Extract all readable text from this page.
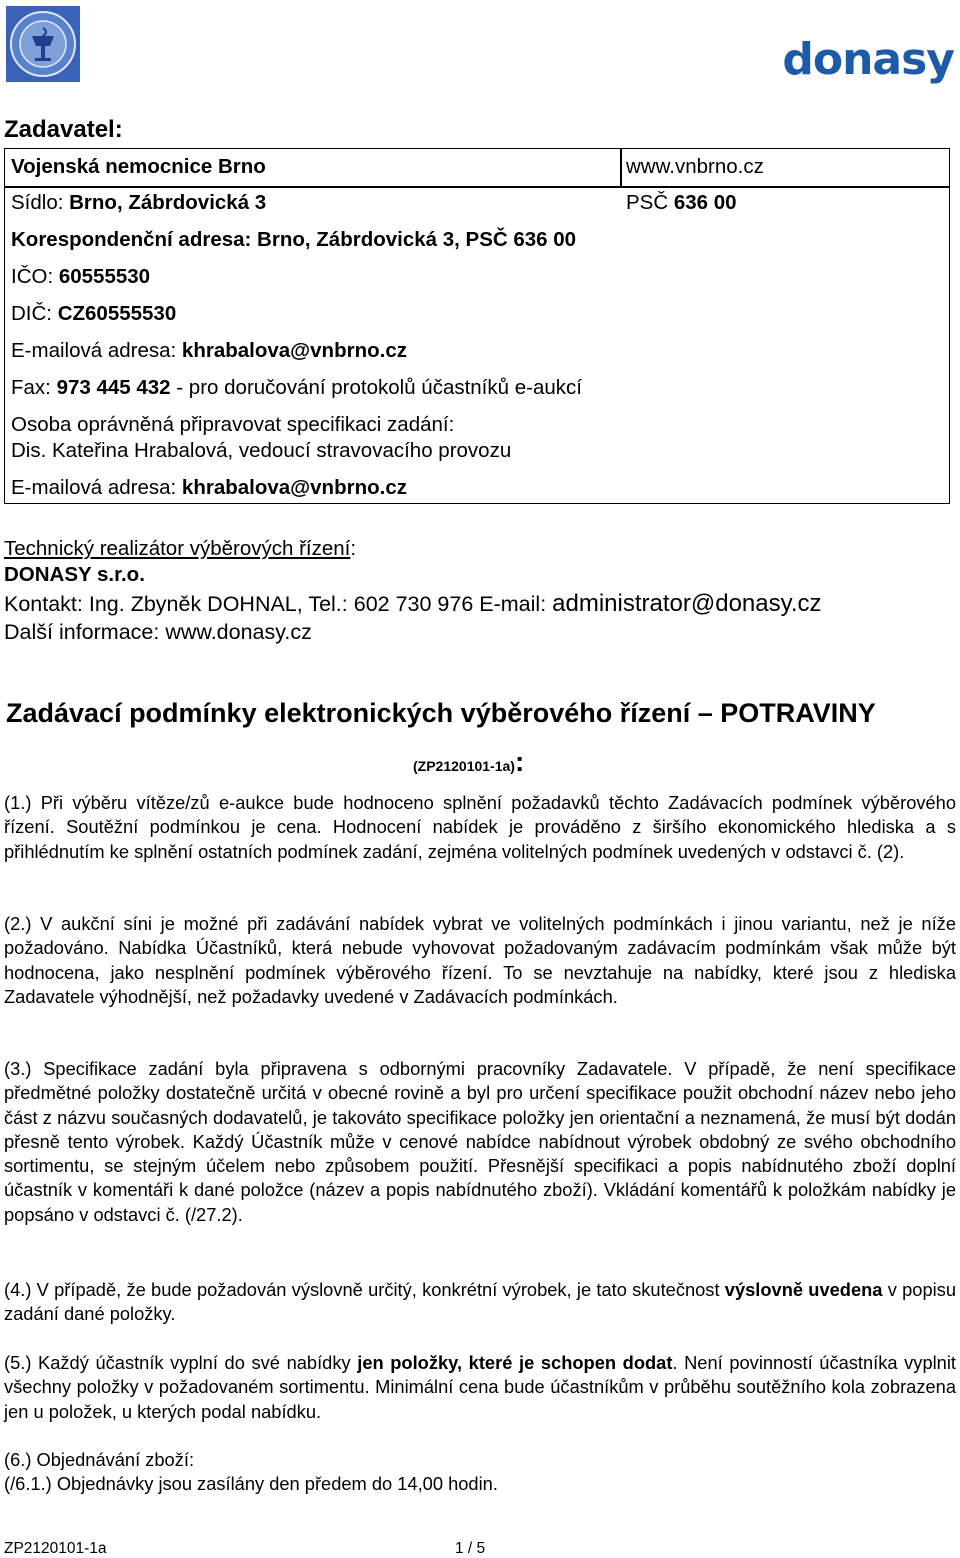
donasy
Zadavatel:
Vojenská nemocnice Brno	www.vnbrno.cz
Sídlo: Brno, Zábrdovická 3	PSČ 636 00
Korespondenční adresa: Brno, Zábrdovická 3, PSČ 636 00
IČO: 60555530
DIČ: CZ60555530
E-mailová adresa: khrabalova@vnbrno.cz
Fax: 973 445 432 - pro doručování protokolů účastníků e-aukcí
Osoba oprávněná připravovat specifikaci zadání:
Dis. Kateřina Hrabalová, vedoucí stravovacího provozu
E-mailová adresa: khrabalova@vnbrno.cz
Technický realizátor výběrových řízení:
DONASY s.r.o.
Kontakt: Ing. Zbyněk DOHNAL, Tel.: 602 730 976 E-mail: administrator@donasy.cz
Další informace: www.donasy.cz
Zadávací podmínky elektronických výběrového řízení – POTRAVINY
(ZP2120101-1a):
(1.) Při výběru vítěze/zů e-aukce bude hodnoceno splnění požadavků těchto Zadávacích podmínek výběrového řízení. Soutěžní podmínkou je cena. Hodnocení nabídek je prováděno z širšího ekonomického hlediska a s přihlédnutím ke splnění ostatních podmínek zadání, zejména volitelných podmínek uvedených v odstavci č. (2).
(2.) V aukční síni je možné při zadávání nabídek vybrat ve volitelných podmínkách i jinou variantu, než je níže požadováno. Nabídka Účastníků, která nebude vyhovovat požadovaným zadávacím podmínkám však může být hodnocena, jako nesplnění podmínek výběrového řízení. To se nevztahuje na nabídky, které jsou z hlediska Zadavatele výhodnější, než požadavky uvedené v Zadávacích podmínkách.
(3.) Specifikace zadání byla připravena s odbornými pracovníky Zadavatele. V případě, že není specifikace předmětné položky dostatečně určitá v obecné rovině a byl pro určení specifikace použit obchodní název nebo jeho část z názvu současných dodavatelů, je takováto specifikace položky jen orientační a neznamená, že musí být dodán přesně tento výrobek. Každý Účastník může v cenové nabídce nabídnout výrobek obdobný ze svého obchodního sortimentu, se stejným účelem nebo způsobem použití. Přesnější specifikaci a popis nabídnutého zboží doplní účastník v komentáři k dané položce (název a popis nabídnutého zboží). Vkládání komentářů k položkám nabídky je popsáno v odstavci č. (/27.2).
(4.) V případě, že bude požadován výslovně určitý, konkrétní výrobek, je tato skutečnost výslovně uvedena v popisu zadání dané položky.
(5.) Každý účastník vyplní do své nabídky jen položky, které je schopen dodat. Není povinností účastníka vyplnit všechny položky v požadovaném sortimentu. Minimální cena bude účastníkům v průběhu soutěžního kola zobrazena jen u položek, u kterých podal nabídku.
(6.) Objednávání zboží:
(/6.1.) Objednávky jsou zasílány den předem do 14,00 hodin.
ZP2120101-1a	1 / 5
